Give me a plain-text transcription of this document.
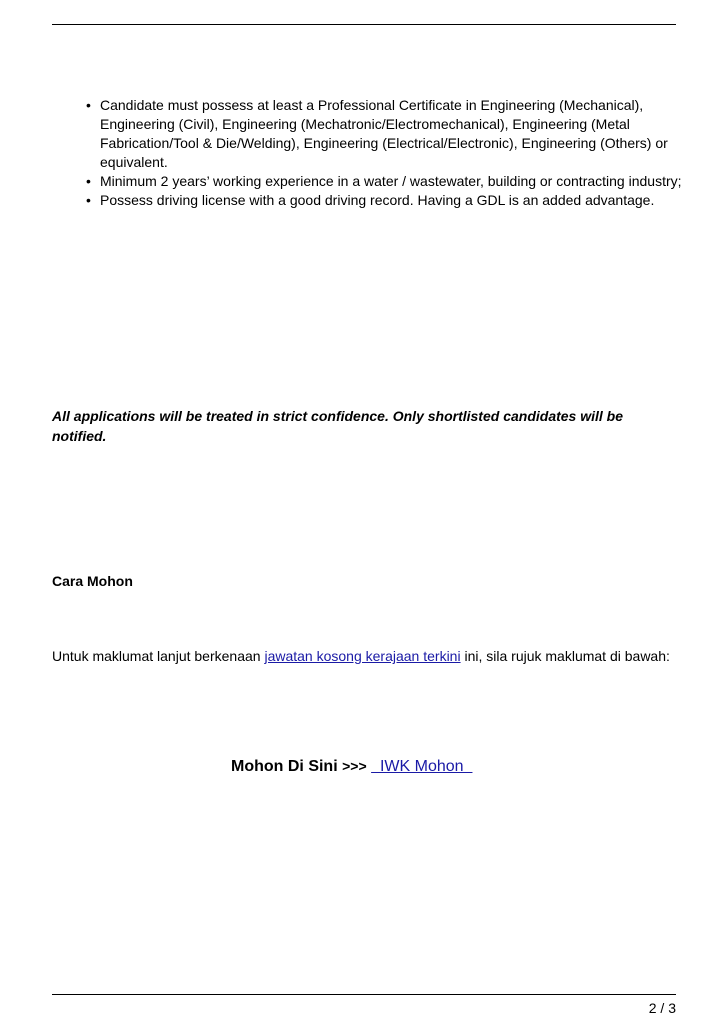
• Candidate must possess at least a Professional Certificate in Engineering (Mechanical), Engineering (Civil), Engineering (Mechatronic/Electromechanical), Engineering (Metal Fabrication/Tool & Die/Welding), Engineering (Electrical/Electronic), Engineering (Others) or equivalent.
• Minimum 2 years’ working experience in a water / wastewater, building or contracting industry;
• Possess driving license with a good driving record. Having a GDL is an added advantage.

All applications will be treated in strict confidence. Only shortlisted candidates will be notified.

Cara Mohon

Untuk maklumat lanjut berkenaan jawatan kosong kerajaan terkini ini, sila rujuk maklumat di bawah:

Mohon Di Sini >>>   IWK Mohon

2 / 3
